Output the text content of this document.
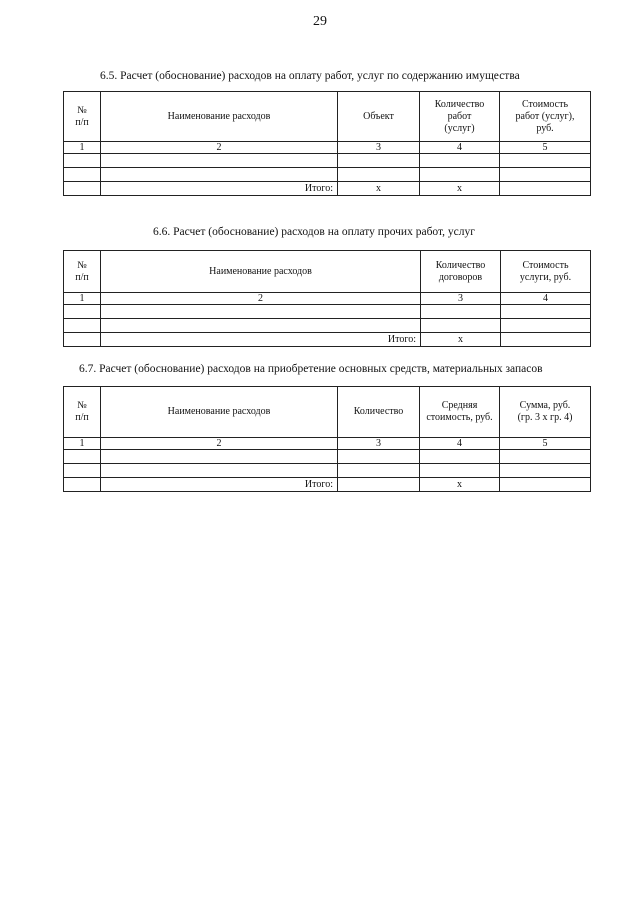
29
6.5. Расчет (обоснование) расходов на оплату работ, услуг по содержанию имущества
№
п/п	Наименование расходов	Объект	Количество
работ
(услуг)	Стоимость
работ (услуг),
руб.
1	2	3	4	5

	Итого:	х	х	
6.6. Расчет (обоснование) расходов на оплату прочих работ, услуг
№
п/п	Наименование расходов	Количество
договоров	Стоимость
услуги, руб.
1	2	3	4

	Итого:	х	
6.7. Расчет (обоснование) расходов на приобретение основных средств, материальных запасов
№
п/п	Наименование расходов	Количество	Средняя
стоимость, руб.	Сумма, руб.
(гр. 3 х гр. 4)
1	2	3	4	5

	Итого:		х	
